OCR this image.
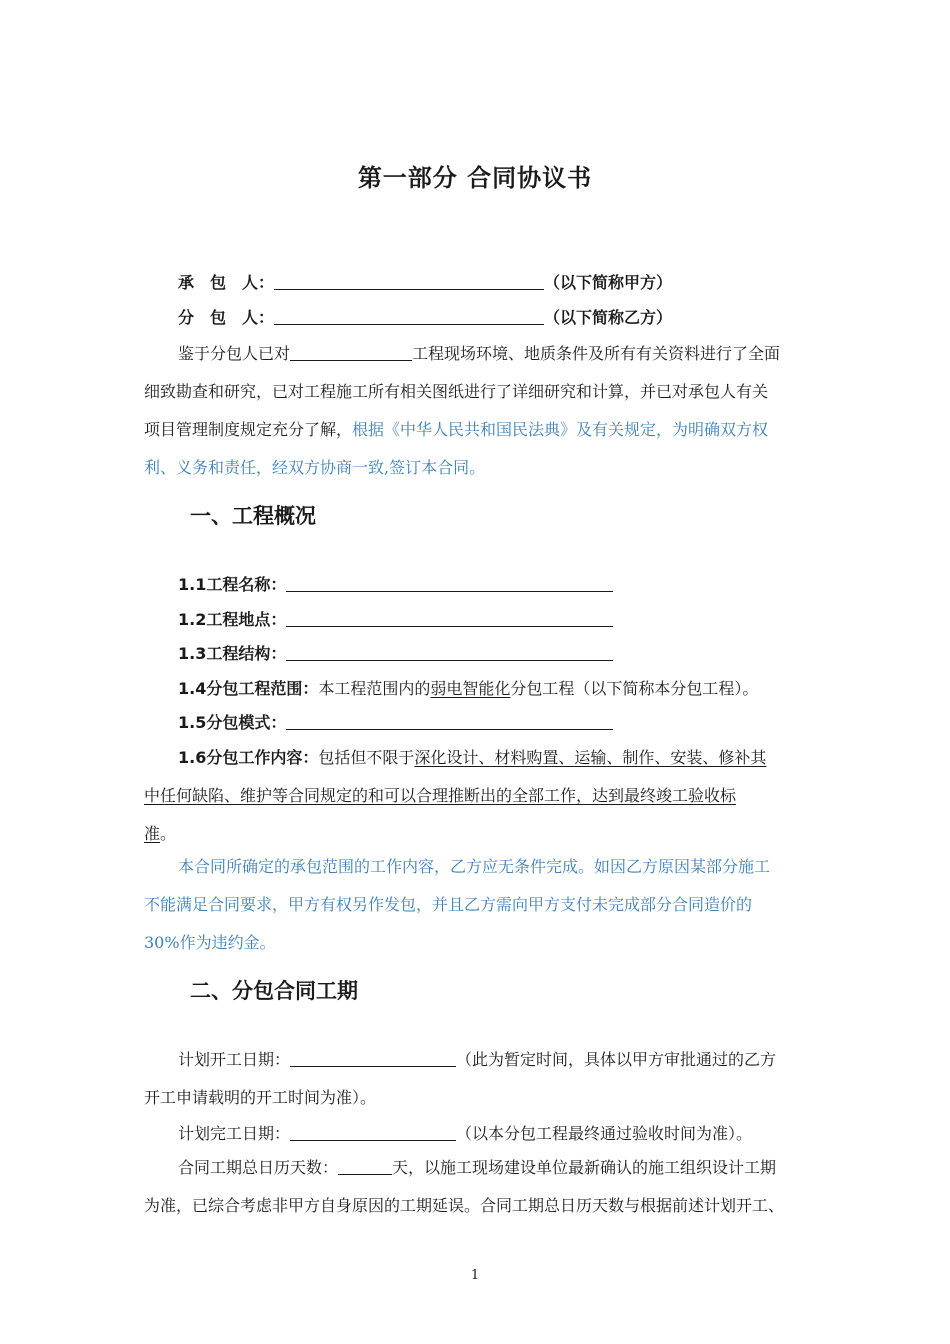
第一部分 合同协议书
承　包　人：	（以下简称甲方）
分　包　人：	（以下简称乙方）
鉴于分包人已对	工程现场环境、地质条件及所有有关资料进行了全面
细致勘查和研究，已对工程施工所有相关图纸进行了详细研究和计算，并已对承包人有关
项目管理制度规定充分了解，根据《中华人民共和国民法典》及有关规定，为明确双方权
利、义务和责任，经双方协商一致,签订本合同。
一、工程概况
1.1工程名称：
1.2工程地点：
1.3工程结构：
1.4分包工程范围：本工程范围内的弱电智能化分包工程（以下简称本分包工程）。
1.5分包模式：
1.6分包工作内容：包括但不限于深化设计、材料购置、运输、制作、安装、修补其
中任何缺陷、维护等合同规定的和可以合理推断出的全部工作，达到最终竣工验收标
准。
本合同所确定的承包范围的工作内容，乙方应无条件完成。如因乙方原因某部分施工
不能满足合同要求，甲方有权另作发包，并且乙方需向甲方支付未完成部分合同造价的
30%作为违约金。
二、分包合同工期
计划开工日期：	（此为暂定时间，具体以甲方审批通过的乙方
开工申请载明的开工时间为准）。
计划完工日期：	（以本分包工程最终通过验收时间为准）。
合同工期总日历天数：	天，以施工现场建设单位最新确认的施工组织设计工期
为准，已综合考虑非甲方自身原因的工期延误。合同工期总日历天数与根据前述计划开工、
1
